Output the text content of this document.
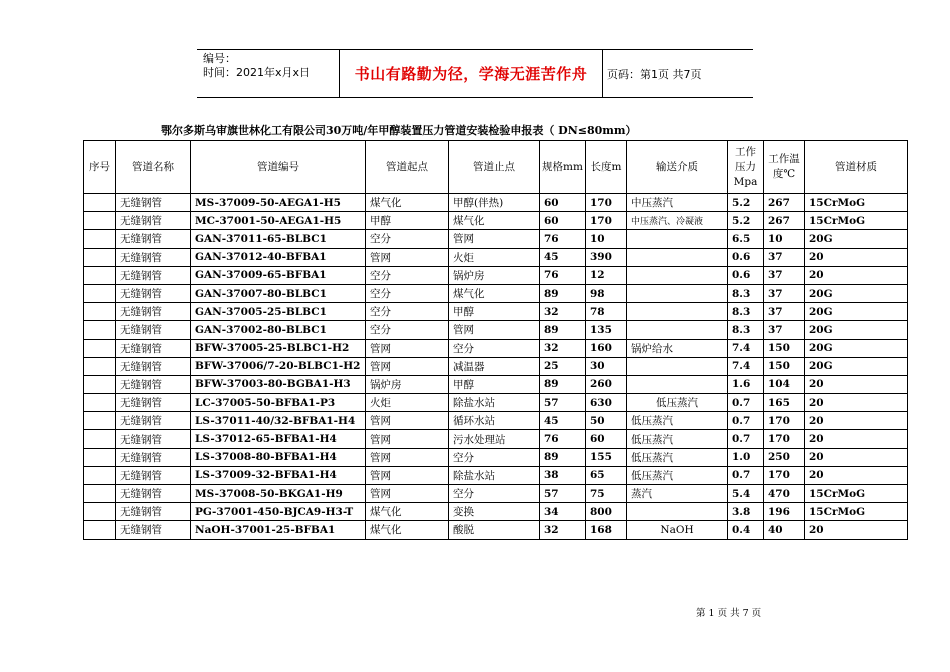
编号：
时间：2021年x月x日	书山有路勤为径，学海无涯苦作舟	页码：第1页 共7页
鄂尔多斯乌审旗世林化工有限公司30万吨/年甲醇装置压力管道安装检验申报表（ DN≤80mm）
序号	管道名称	管道编号	管道起点	管道止点	规格mm	长度m	输送介质	工作压力Mpa	工作温度℃	管道材质
	无缝钢管	MS-37009-50-AEGA1-H5	煤气化	甲醇(伴热)	60	170	中压蒸汽	5.2	267	15CrMoG
	无缝钢管	MC-37001-50-AEGA1-H5	甲醇	煤气化	60	170	中压蒸汽、冷凝液	5.2	267	15CrMoG
	无缝钢管	GAN-37011-65-BLBC1	空分	管网	76	10		6.5	10	20G
	无缝钢管	GAN-37012-40-BFBA1	管网	火炬	45	390		0.6	37	20
	无缝钢管	GAN-37009-65-BFBA1	空分	锅炉房	76	12		0.6	37	20
	无缝钢管	GAN-37007-80-BLBC1	空分	煤气化	89	98		8.3	37	20G
	无缝钢管	GAN-37005-25-BLBC1	空分	甲醇	32	78		8.3	37	20G
	无缝钢管	GAN-37002-80-BLBC1	空分	管网	89	135		8.3	37	20G
	无缝钢管	BFW-37005-25-BLBC1-H2	管网	空分	32	160	锅炉给水	7.4	150	20G
	无缝钢管	BFW-37006/7-20-BLBC1-H2	管网	减温器	25	30		7.4	150	20G
	无缝钢管	BFW-37003-80-BGBA1-H3	锅炉房	甲醇	89	260		1.6	104	20
	无缝钢管	LC-37005-50-BFBA1-P3	火炬	除盐水站	57	630	低压蒸汽	0.7	165	20
	无缝钢管	LS-37011-40/32-BFBA1-H4	管网	循环水站	45	50	低压蒸汽	0.7	170	20
	无缝钢管	LS-37012-65-BFBA1-H4	管网	污水处理站	76	60	低压蒸汽	0.7	170	20
	无缝钢管	LS-37008-80-BFBA1-H4	管网	空分	89	155	低压蒸汽	1.0	250	20
	无缝钢管	LS-37009-32-BFBA1-H4	管网	除盐水站	38	65	低压蒸汽	0.7	170	20
	无缝钢管	MS-37008-50-BKGA1-H9	管网	空分	57	75	蒸汽	5.4	470	15CrMoG
	无缝钢管	PG-37001-450-BJCA9-H3-T	煤气化	变换	34	800		3.8	196	15CrMoG
	无缝钢管	NaOH-37001-25-BFBA1	煤气化	酸脱	32	168	NaOH	0.4	40	20
第 1 页 共 7 页
